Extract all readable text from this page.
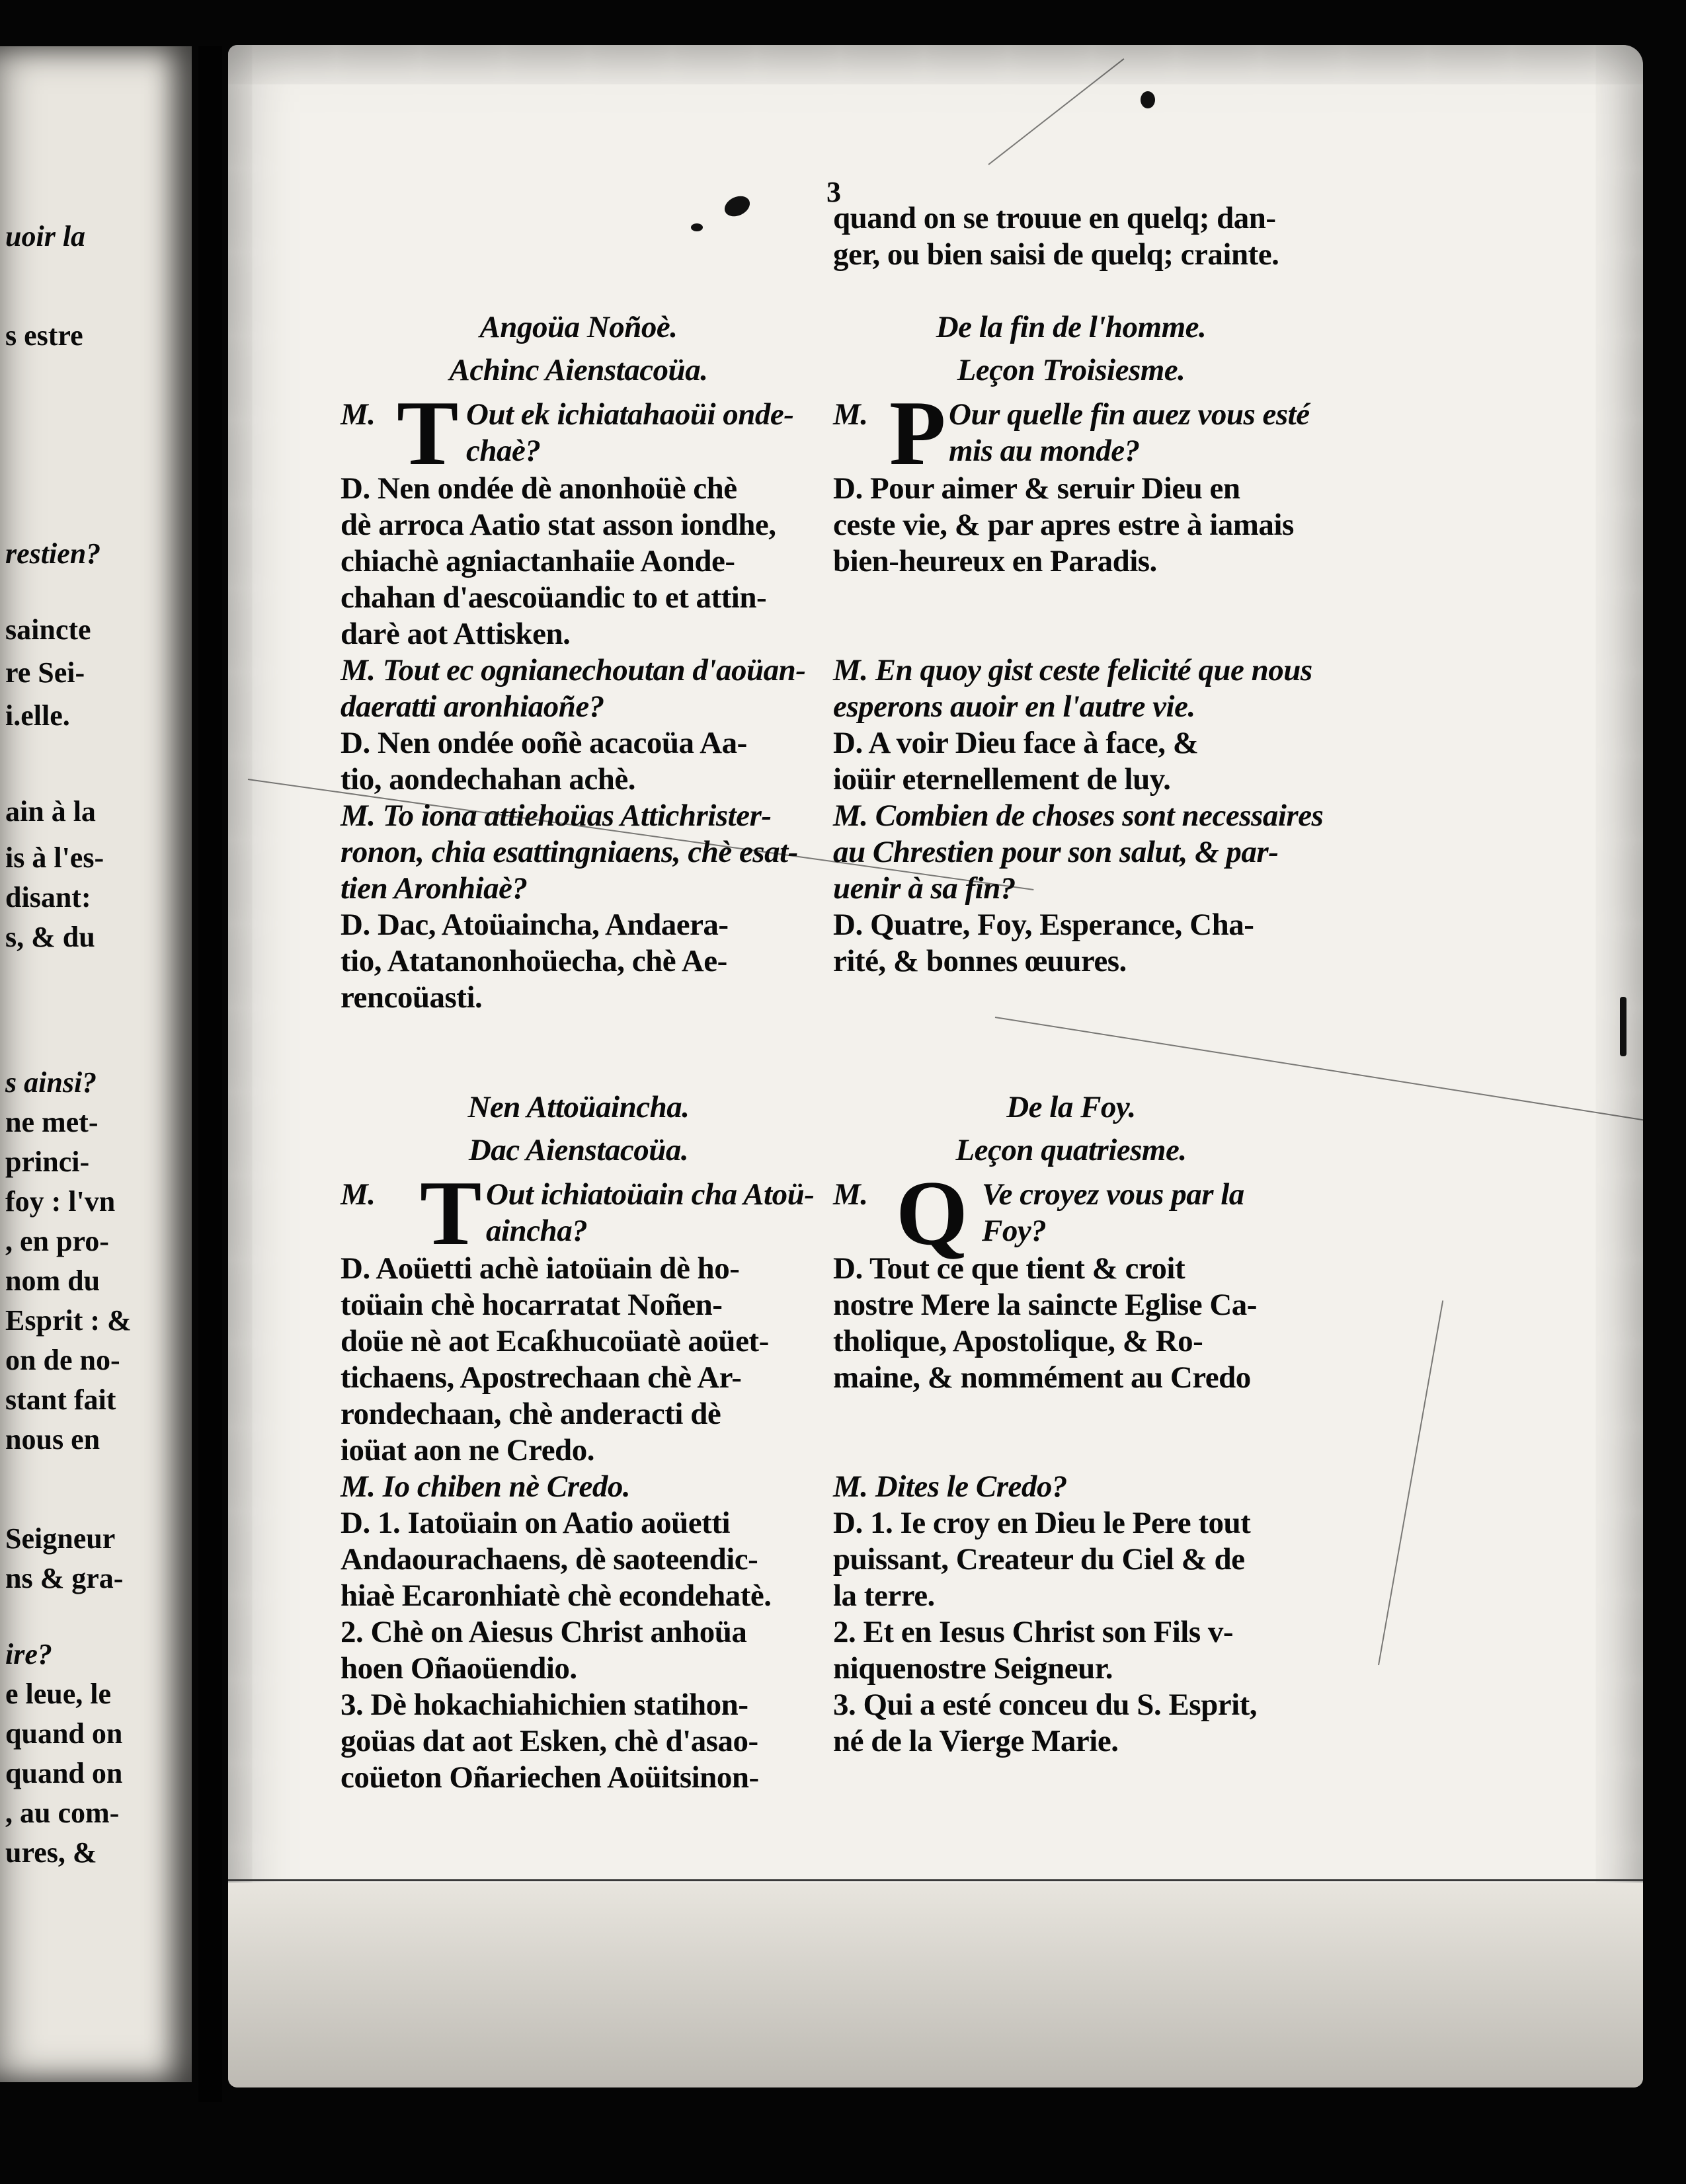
uoir la
s estre
restien?
saincte
re Sei-
i.elle.
ain à la
is à l'es-
disant:
s, & du
s ainsi?
ne met-
princi-
foy : l'vn
, en pro-
nom du
Esprit : &
on de no-
stant fait
nous en
Seigneur
ns & gra-
ire?
e leue, le
quand on
quand on
, au com-
ures, &
3
quand on se trouue en quelq; dan-
ger, ou bien saisi de quelq; crainte.
Angoüa Noñoè.
Achinc Aienstacoüa.
M. T Out ek ichiatahaoüi onde-
chaè?
D. Nen ondée dè anonhoüè chè
dè arroca Aatio stat asson iondhe,
chiachè agniactanhaiie Aonde-
chahan d'aescoüandic to et attin-
darè aot Attisken.
M. Tout ec ognianechoutan d'aoüan-
daeratti aronhiaoñe?
D. Nen ondée ooñè acacoüa Aa-
tio, aondechahan achè.
M. To iona attiehoüas Attichrister-
ronon, chia esattingniaens, chè esat-
tien Aronhiaè?
D. Dac, Atoüaincha, Andaera-
tio, Atatanonhoüecha, chè Ae-
rencoüasti.
De la fin de l'homme.
Leçon Troisiesme.
M. P Our quelle fin auez vous esté
mis au monde?
D. Pour aimer & seruir Dieu en
ceste vie, & par apres estre à iamais
bien-heureux en Paradis.
M. En quoy gist ceste felicité que nous
esperons auoir en l'autre vie.
D. A voir Dieu face à face, &
ioüir eternellement de luy.
M. Combien de choses sont necessaires
au Chrestien pour son salut, & par-
uenir à sa fin?
D. Quatre, Foy, Esperance, Cha-
rité, & bonnes œuures.
Nen Attoüaincha.
Dac Aienstacoüa.
M. T Out ichiatoüain cha Atoü-
aincha?
D. Aoüetti achè iatoüain dè ho-
toüain chè hocarratat Noñen-
doüe nè aot Ecaƙhucoüatè aoüet-
tichaens, Apostrechaan chè Ar-
rondechaan, chè anderacti dè
ioüat aon ne Credo.
M. Io chiben nè Credo.
D. 1. Iatoüain on Aatio aoüetti
Andaourachaens, dè saoteendic-
hiaè Ecaronhiatè chè econdehatè.
2. Chè on Aiesus Christ anhoüa
hoen Oñaoüendio.
3. Dè hokachiahichien statihon-
goüas dat aot Esken, chè d'asao-
coüeton Oñariechen Aoüitsinon-
De la Foy.
Leçon quatriesme.
M. Q Ve croyez vous par la
Foy?
D. Tout ce que tient & croit
nostre Mere la saincte Eglise Ca-
tholique, Apostolique, & Ro-
maine, & nommément au Credo
M. Dites le Credo?
D. 1. Ie croy en Dieu le Pere tout
puissant, Createur du Ciel & de
la terre.
2. Et en Iesus Christ son Fils v-
niquenostre Seigneur.
3. Qui a esté conceu du S. Esprit,
né de la Vierge Marie.
